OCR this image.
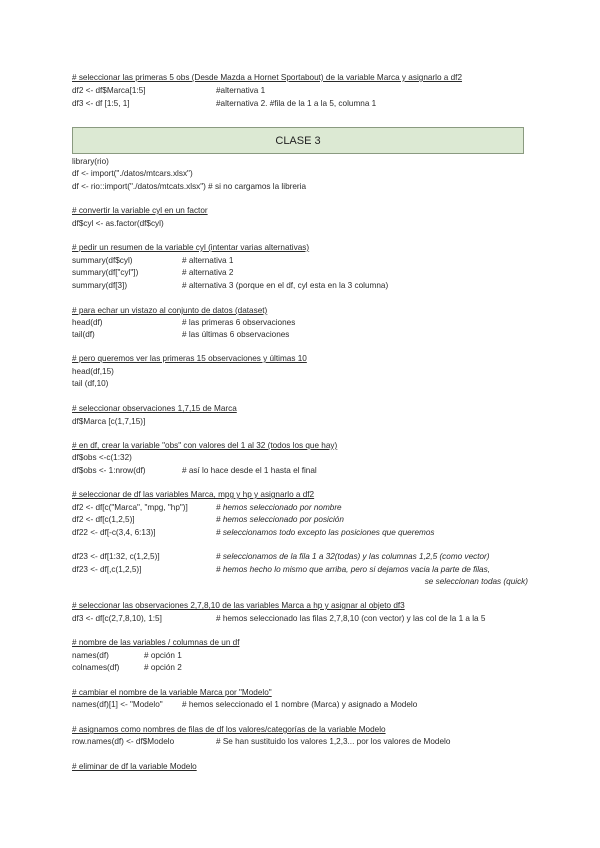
# seleccionar las primeras 5 obs (Desde Mazda a Hornet Sportabout) de la variable Marca y asignarlo a df2
df2 <- df$Marca[1:5]	#alternativa 1
df3 <- df [1:5, 1]	#alternativa 2. #fila de la 1 a la 5, columna 1
CLASE 3
library(rio)
df <- import("./datos/mtcars.xlsx")
df <- rio::import("./datos/mtcats.xlsx") # si no cargamos la libreria
# convertir la variable cyl en un factor
df$cyl <- as.factor(df$cyl)
# pedir un resumen de la variable cyl (intentar varias alternativas)
summary(df$cyl)	# alternativa 1
summary(df["cyl"])	# alternativa 2
summary(df[3])	# alternativa 3 (porque en el df, cyl esta en la 3 columna)
# para echar un vistazo al conjunto de datos (dataset)
head(df)	# las primeras 6 observaciones
tail(df)	# las últimas 6 observaciones
# pero queremos ver las primeras 15 observaciones y últimas 10
head(df,15)
tail (df,10)
# seleccionar observaciones 1,7,15 de Marca
df$Marca [c(1,7,15)]
# en df, crear la variable "obs" con valores del 1 al 32 (todos los que hay)
df$obs <-c(1:32)
df$obs <- 1:nrow(df)	# así lo hace desde el 1 hasta el final
# seleccionar de df las variables Marca, mpg y hp y asignarlo a df2
df2 <- df[c("Marca", "mpg, "hp")]	# hemos seleccionado por nombre
df2 <- df[c(1,2,5)]	# hemos seleccionado por posición
df22 <- df[-c(3,4, 6:13)]	# seleccionamos todo excepto las posiciones que queremos
df23 <- df[1:32, c(1,2,5)]	# seleccionamos de la fila 1 a 32(todas) y las columnas 1,2,5 (como vector)
df23 <- df[,c(1,2,5)]	# hemos hecho lo mismo que arriba, pero si dejamos vacia la parte de filas,
se seleccionan todas (quick)
# seleccionar las observaciones 2,7,8,10 de las variables Marca a hp y asignar al objeto df3
df3 <- df[c(2,7,8,10), 1:5]	# hemos seleccionado las filas 2,7,8,10 (con vector) y las col de la 1 a la 5
# nombre de las variables / columnas de un df
names(df)	# opción 1
colnames(df)	# opción 2
# cambiar el nombre de la variable Marca por "Modelo"
names(df)[1] <- "Modelo" # hemos seleccionado el 1 nombre (Marca) y asignado a Modelo
# asignamos como nombres de filas de df los valores/categorías de la variable Modelo
row.names(df) <- df$Modelo	# Se han sustituido los valores 1,2,3... por los valores de Modelo
# eliminar de df la variable Modelo
